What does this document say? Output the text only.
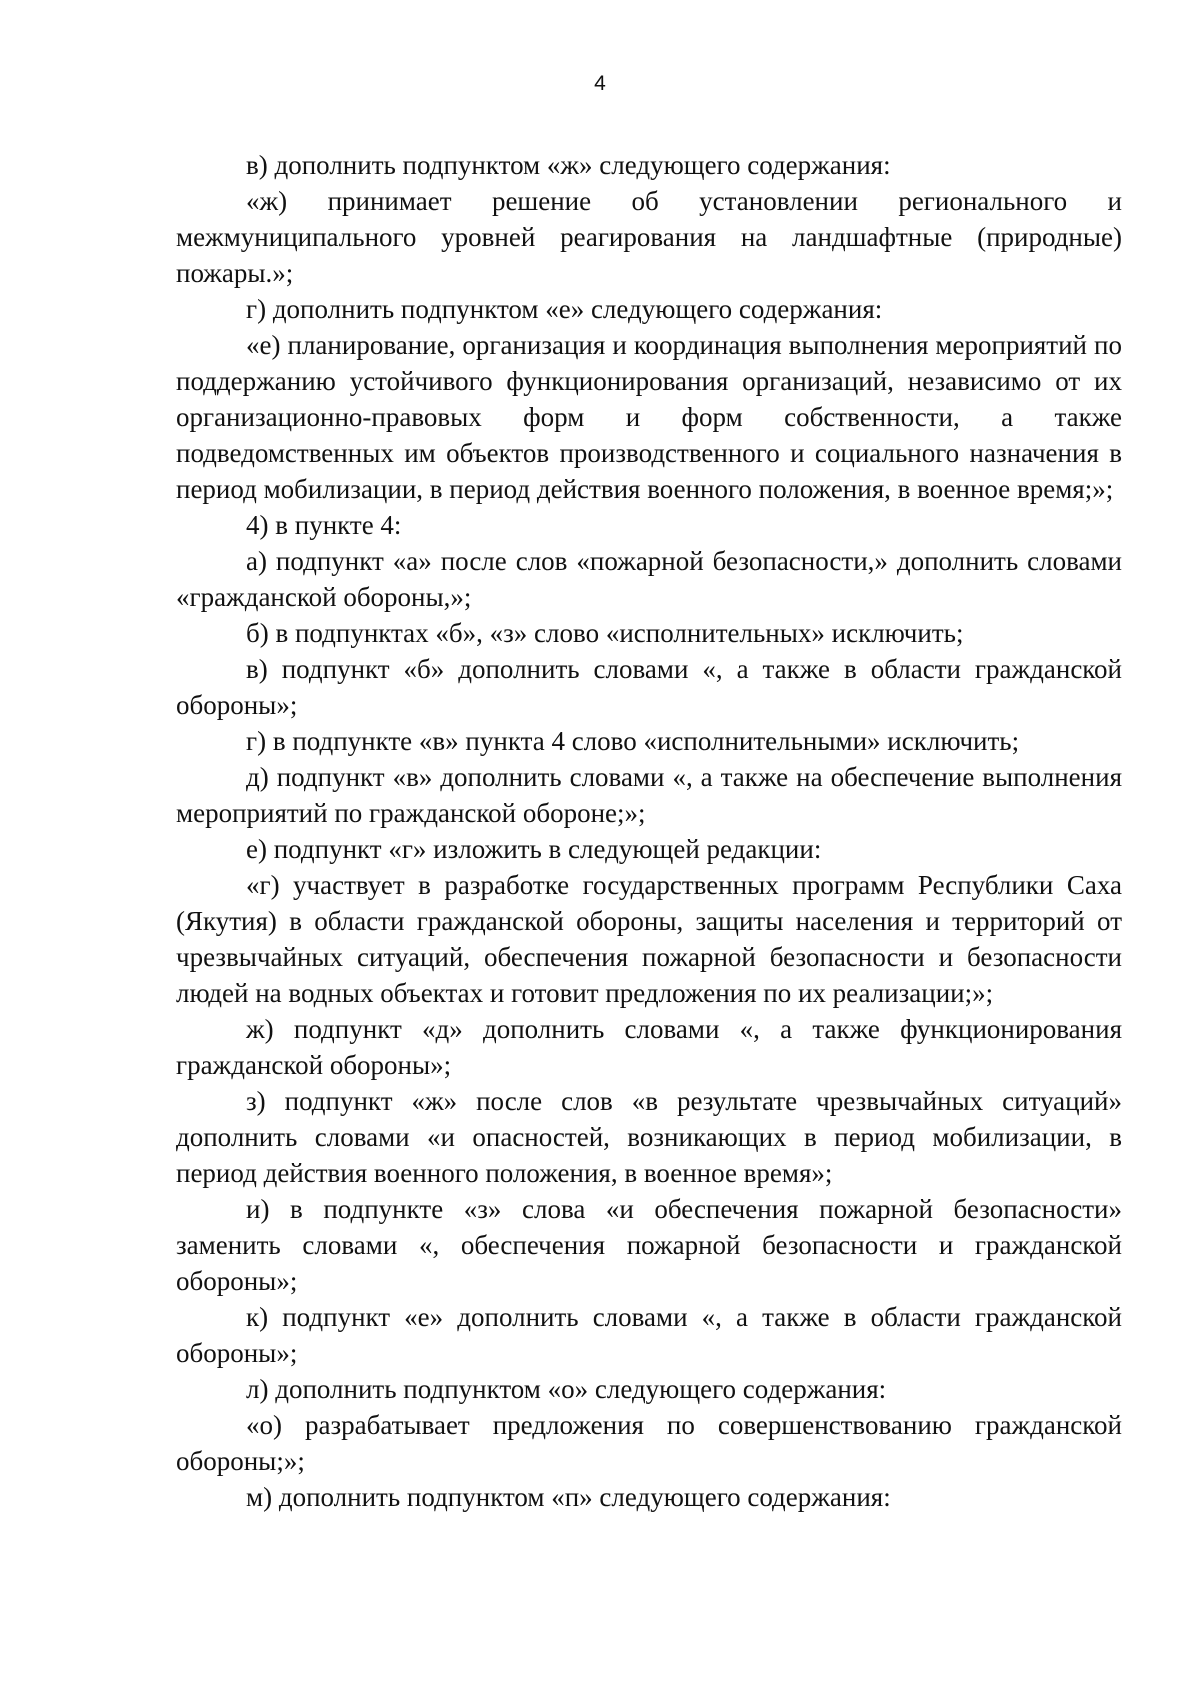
4

в) дополнить подпунктом «ж» следующего содержания:

«ж) принимает решение об установлении регионального и межмуниципального уровней реагирования на ландшафтные (природные) пожары.»;

г) дополнить подпунктом «е» следующего содержания:

«е) планирование, организация и координация выполнения мероприятий по поддержанию устойчивого функционирования организаций, независимо от их организационно-правовых форм и форм собственности, а также подведомственных им объектов производственного и социального назначения в период мобилизации, в период действия военного положения, в военное время;»;

4) в пункте 4:

а) подпункт «а» после слов «пожарной безопасности,» дополнить словами «гражданской обороны,»;

б) в подпунктах «б», «з» слово «исполнительных» исключить;

в) подпункт «б» дополнить словами «, а также в области гражданской обороны»;

г) в подпункте «в» пункта 4 слово «исполнительными» исключить;

д) подпункт «в» дополнить словами «, а также на обеспечение выполнения мероприятий по гражданской обороне;»;

е) подпункт «г» изложить в следующей редакции:

«г) участвует в разработке государственных программ Республики Саха (Якутия) в области гражданской обороны, защиты населения и территорий от чрезвычайных ситуаций, обеспечения пожарной безопасности и безопасности людей на водных объектах и готовит предложения по их реализации;»;

ж) подпункт «д» дополнить словами «, а также функционирования гражданской обороны»;

з) подпункт «ж» после слов «в результате чрезвычайных ситуаций» дополнить словами «и опасностей, возникающих в период мобилизации, в период действия военного положения, в военное время»;

и) в подпункте «з» слова «и обеспечения пожарной безопасности» заменить словами «, обеспечения пожарной безопасности и гражданской обороны»;

к) подпункт «е» дополнить словами «, а также в области гражданской обороны»;

л) дополнить подпунктом «о» следующего содержания:

«о) разрабатывает предложения по совершенствованию гражданской обороны;»;

м) дополнить подпунктом «п» следующего содержания:
